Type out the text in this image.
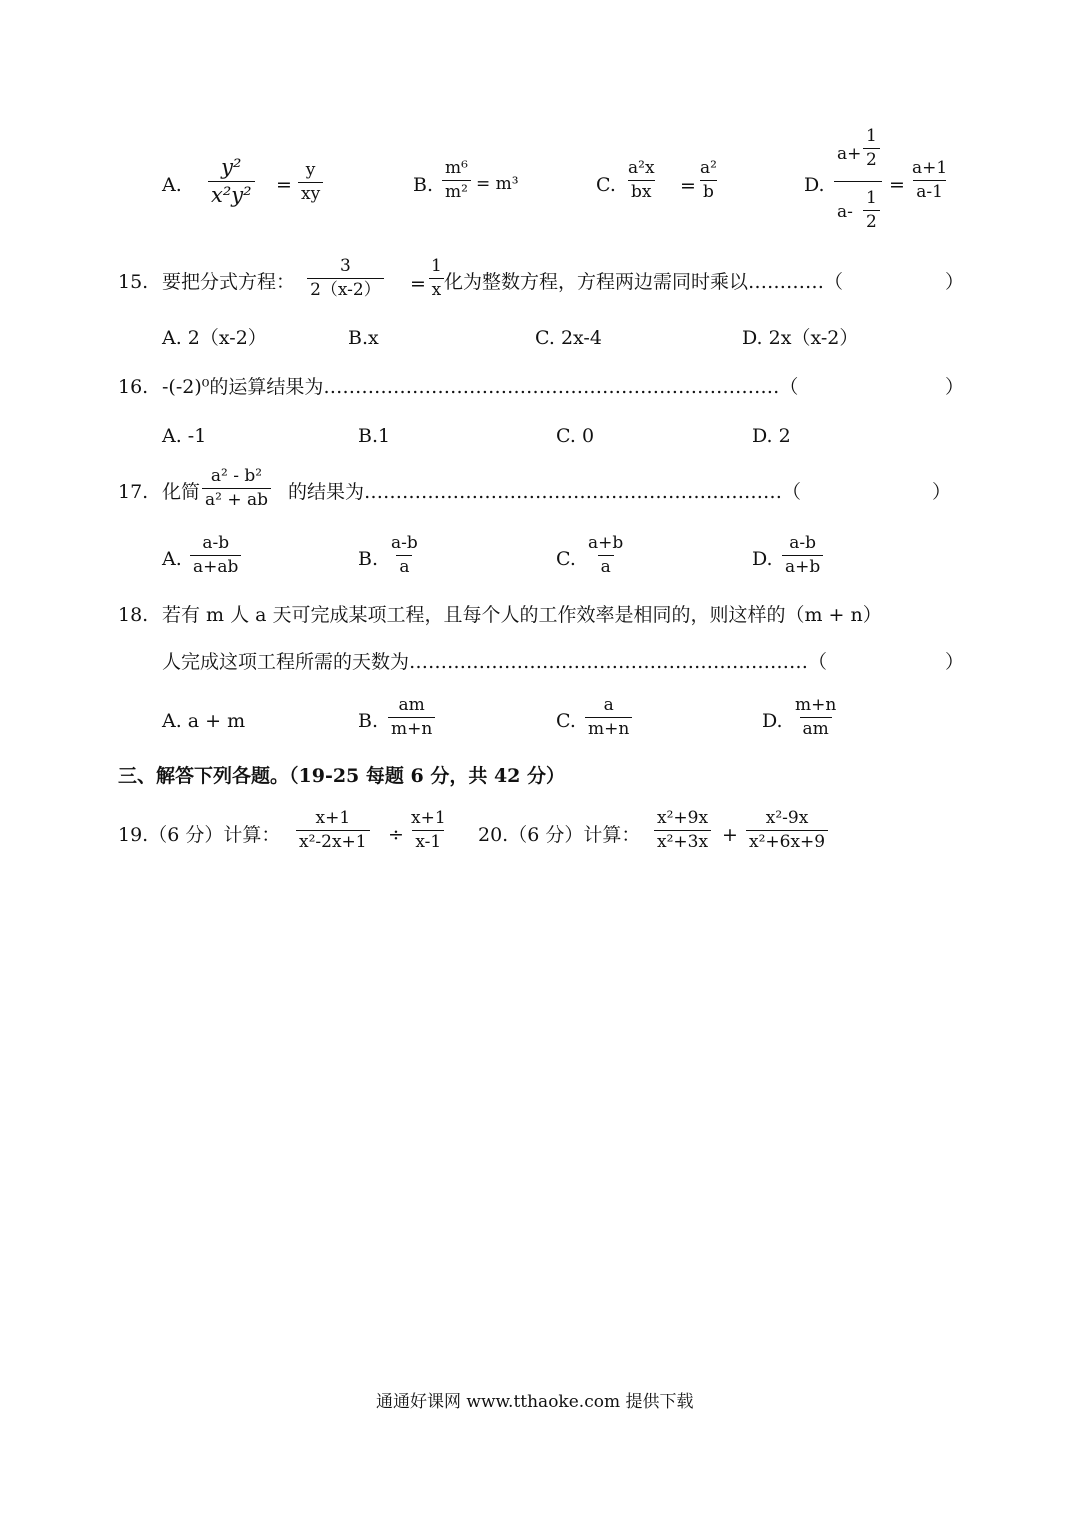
A. $\frac{\text{y²}}{\text{x²y²}} = \frac{y}{xy}$	B. $\frac{\text{m⁶}}{\text{m²}} = m^3$	C. $\frac{\text{a²x}}{bx} = \frac{\text{a²}}{b}$	D.
$a+ \frac{1}{2}$
$a- \frac{1}{2}$
= $\frac{a+1}{a-1}$
15. 要把分式方程： $\frac{3}{2(x-2)} = \frac{1}{x}$ 化为整数方程，方程两边需同时乘以…………（	）
A. 2（x-2）	B.x	C. 2x-4	D. 2x（x-2）
16. -(-2)⁰的运算结果为………………………………………………………………（	）
A. -1	B.1	C. 0	D. 2
17. 化简 $\frac{\text{a² - b²}}{\text{a² + ab}}$ 的结果为…………………………………………………………（	）
A. $\frac{a-b}{a+ab}$	B. $\frac{a-b}{a}$	C. $\frac{a+b}{a}$	D. $\frac{a-b}{a+b}$
18. 若有 m 人 a 天可完成某项工程，且每个人的工作效率是相同的，则这样的（m + n）
人完成这项工程所需的天数为………………………………………………………（	）
A. a + m	B. $\frac{am}{m+n}$	C. $\frac{a}{m+n}$	D. $\frac{m+n}{am}$
三、解答下列各题。（19-25 每题 6 分，共 42 分）
19.（6 分）计算： $\frac{x+1}{\text{x²-2x+1}} \div \frac{x+1}{x-1} 20.(6$ 分）计算： $\frac{\text{x²+9x}}{\text{x²+3x}} + \frac{\text{x²-9x}}{\text{x²+6x+9}}$
通通好课网 www.tthaoke.com 提供下载
